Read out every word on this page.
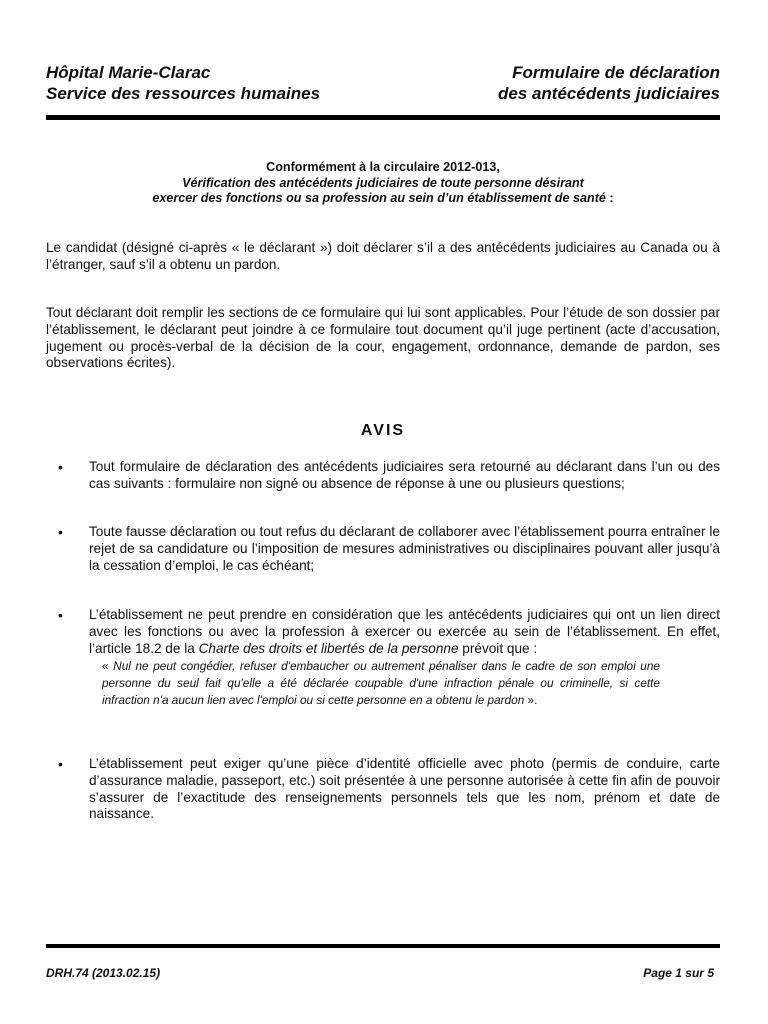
Hôpital Marie-Clarac
Service des ressources humaines
Formulaire de déclaration
des antécédents judiciaires
Conformément à la circulaire 2012-013,
Vérification des antécédents judiciaires de toute personne désirant
exercer des fonctions ou sa profession au sein d’un établissement de santé :
Le candidat (désigné ci-après « le déclarant ») doit déclarer s’il a des antécédents judiciaires au Canada ou à l’étranger, sauf s’il a obtenu un pardon.
Tout déclarant doit remplir les sections de ce formulaire qui lui sont applicables. Pour l’étude de son dossier par l’établissement, le déclarant peut joindre à ce formulaire tout document qu’il juge pertinent (acte d’accusation, jugement ou procès-verbal de la décision de la cour, engagement, ordonnance, demande de pardon, ses observations écrites).
AVIS
• Tout formulaire de déclaration des antécédents judiciaires sera retourné au déclarant dans l’un ou des cas suivants : formulaire non signé ou absence de réponse à une ou plusieurs questions;
• Toute fausse déclaration ou tout refus du déclarant de collaborer avec l’établissement pourra entraîner le rejet de sa candidature ou l’imposition de mesures administratives ou disciplinaires pouvant aller jusqu’à la cessation d’emploi, le cas échéant;
• L’établissement ne peut prendre en considération que les antécédents judiciaires qui ont un lien direct avec les fonctions ou avec la profession à exercer ou exercée au sein de l’établissement. En effet, l’article 18.2 de la Charte des droits et libertés de la personne prévoit que :
« Nul ne peut congédier, refuser d'embaucher ou autrement pénaliser dans le cadre de son emploi une personne du seul fait qu'elle a été déclarée coupable d'une infraction pénale ou criminelle, si cette infraction n'a aucun lien avec l'emploi ou si cette personne en a obtenu le pardon ».
• L’établissement peut exiger qu’une pièce d’identité officielle avec photo (permis de conduire, carte d’assurance maladie, passeport, etc.) soit présentée à une personne autorisée à cette fin afin de pouvoir s’assurer de l’exactitude des renseignements personnels tels que les nom, prénom et date de naissance.
DRH.74 (2013.02.15)	Page 1 sur 5
